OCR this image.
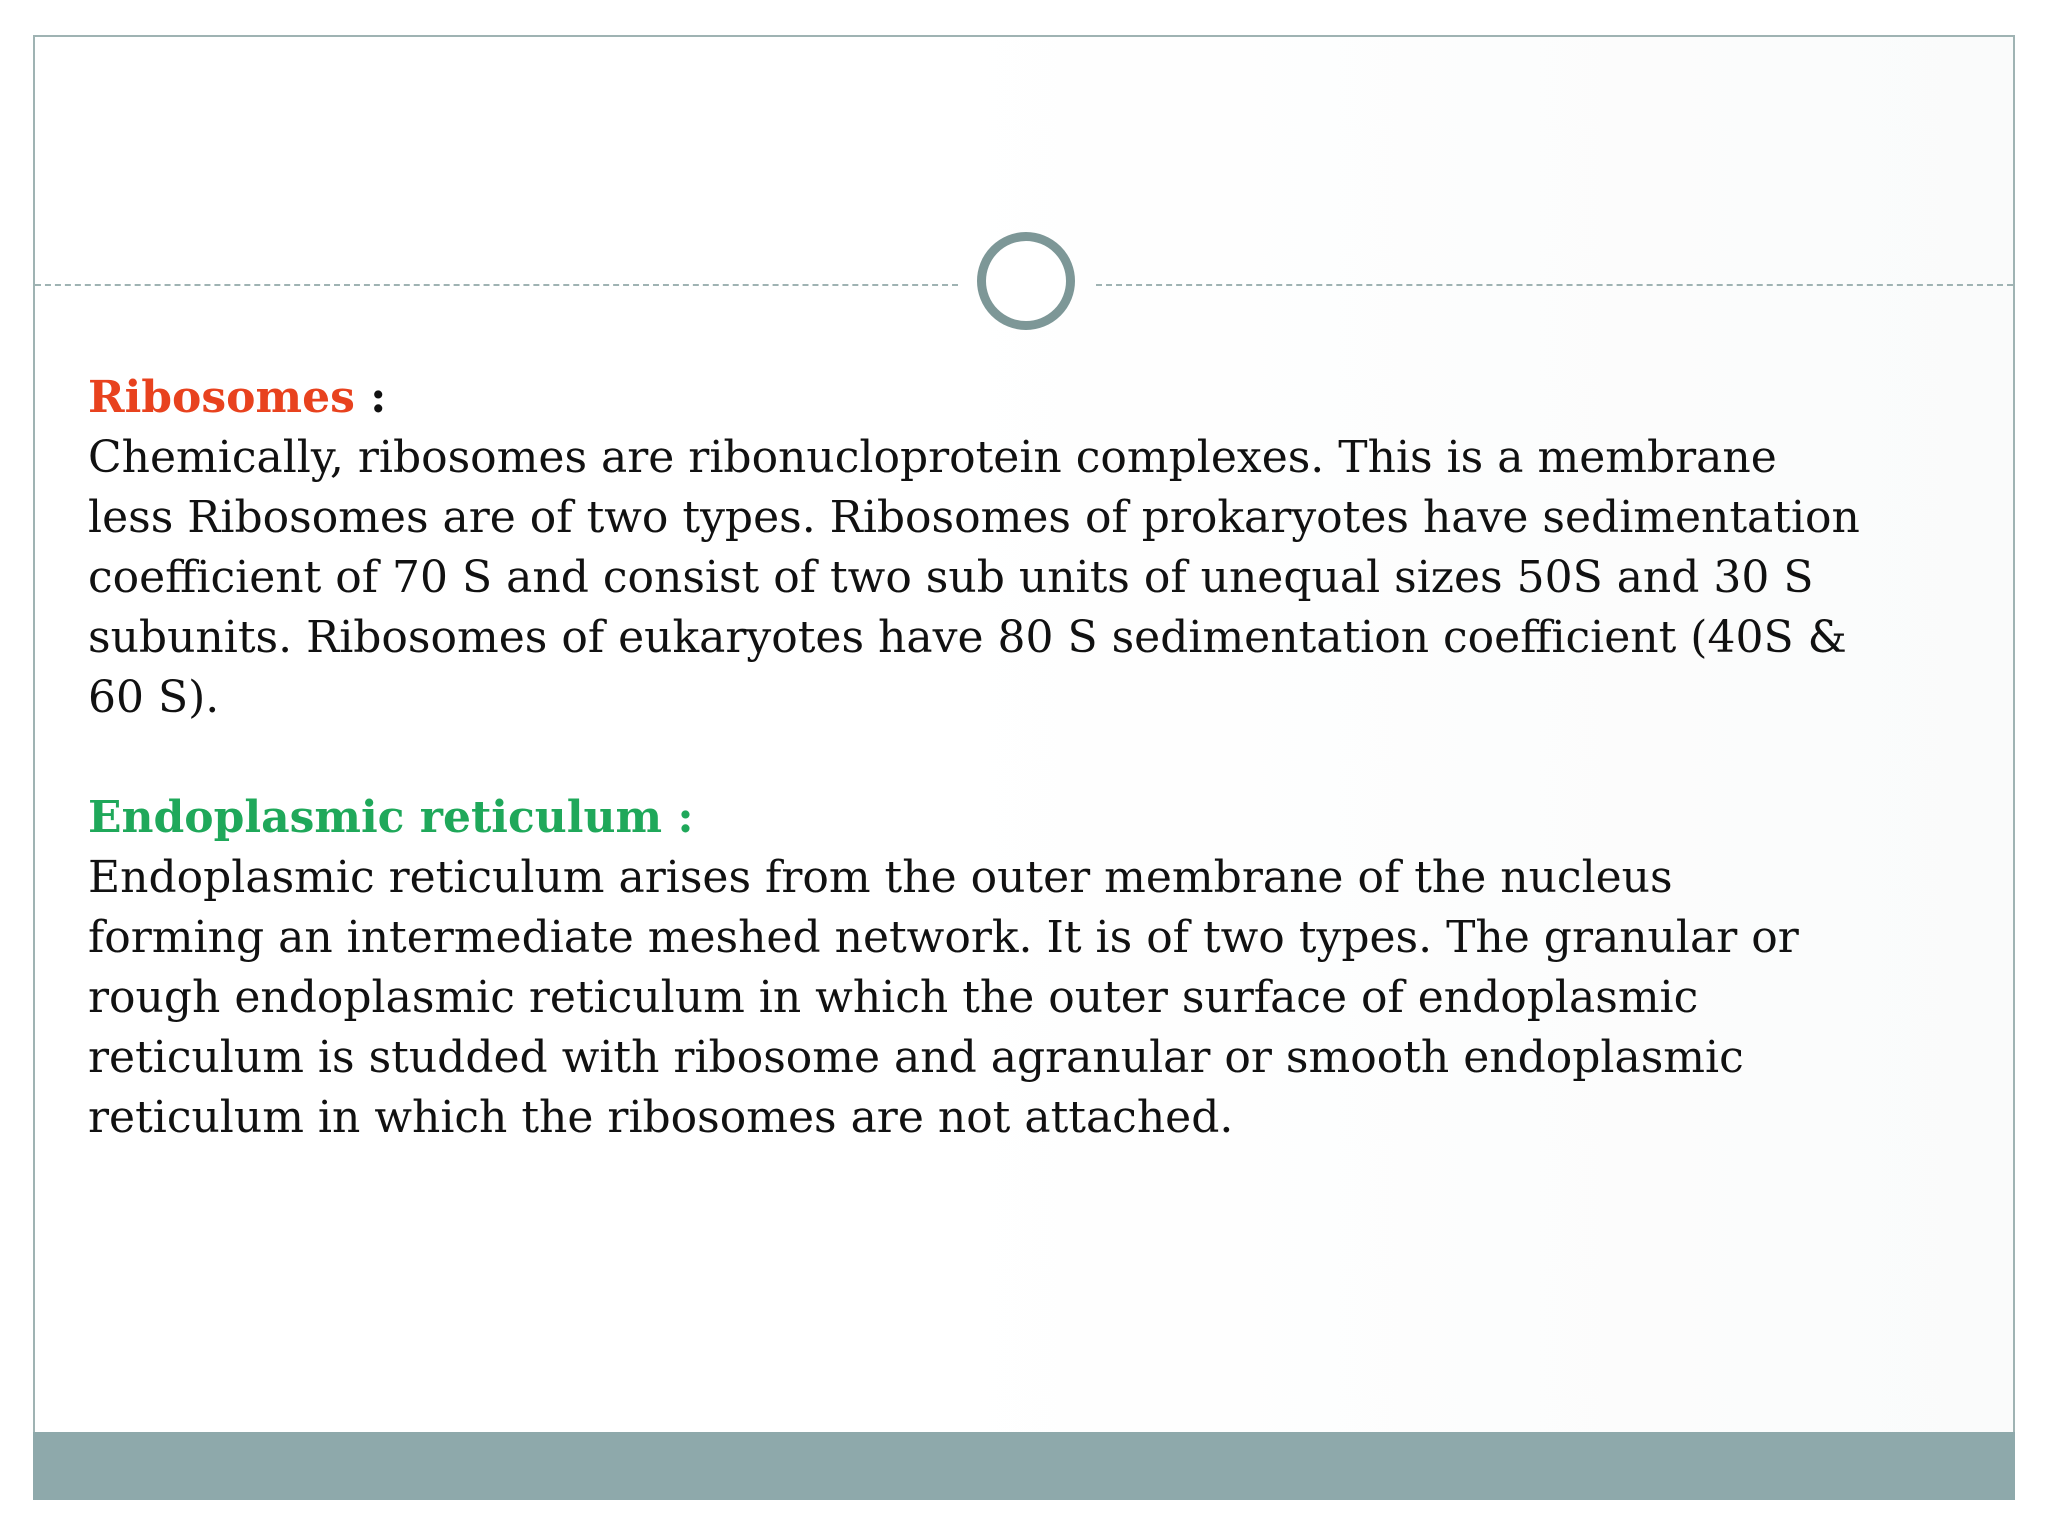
Ribosomes :

Chemically, ribosomes are ribonucloprotein complexes. This is a membrane

less Ribosomes are of two types. Ribosomes of prokaryotes have sedimentation

coefficient of 70 S and consist of two sub units of unequal sizes 50S and 30 S

subunits. Ribosomes of eukaryotes have 80 S sedimentation coefficient (40S &

60 S).

Endoplasmic reticulum :

Endoplasmic reticulum arises from the outer membrane of the nucleus

forming an intermediate meshed network. It is of two types. The granular or

rough endoplasmic reticulum in which the outer surface of endoplasmic

reticulum is studded with ribosome and agranular or smooth endoplasmic

reticulum in which the ribosomes are not attached.
